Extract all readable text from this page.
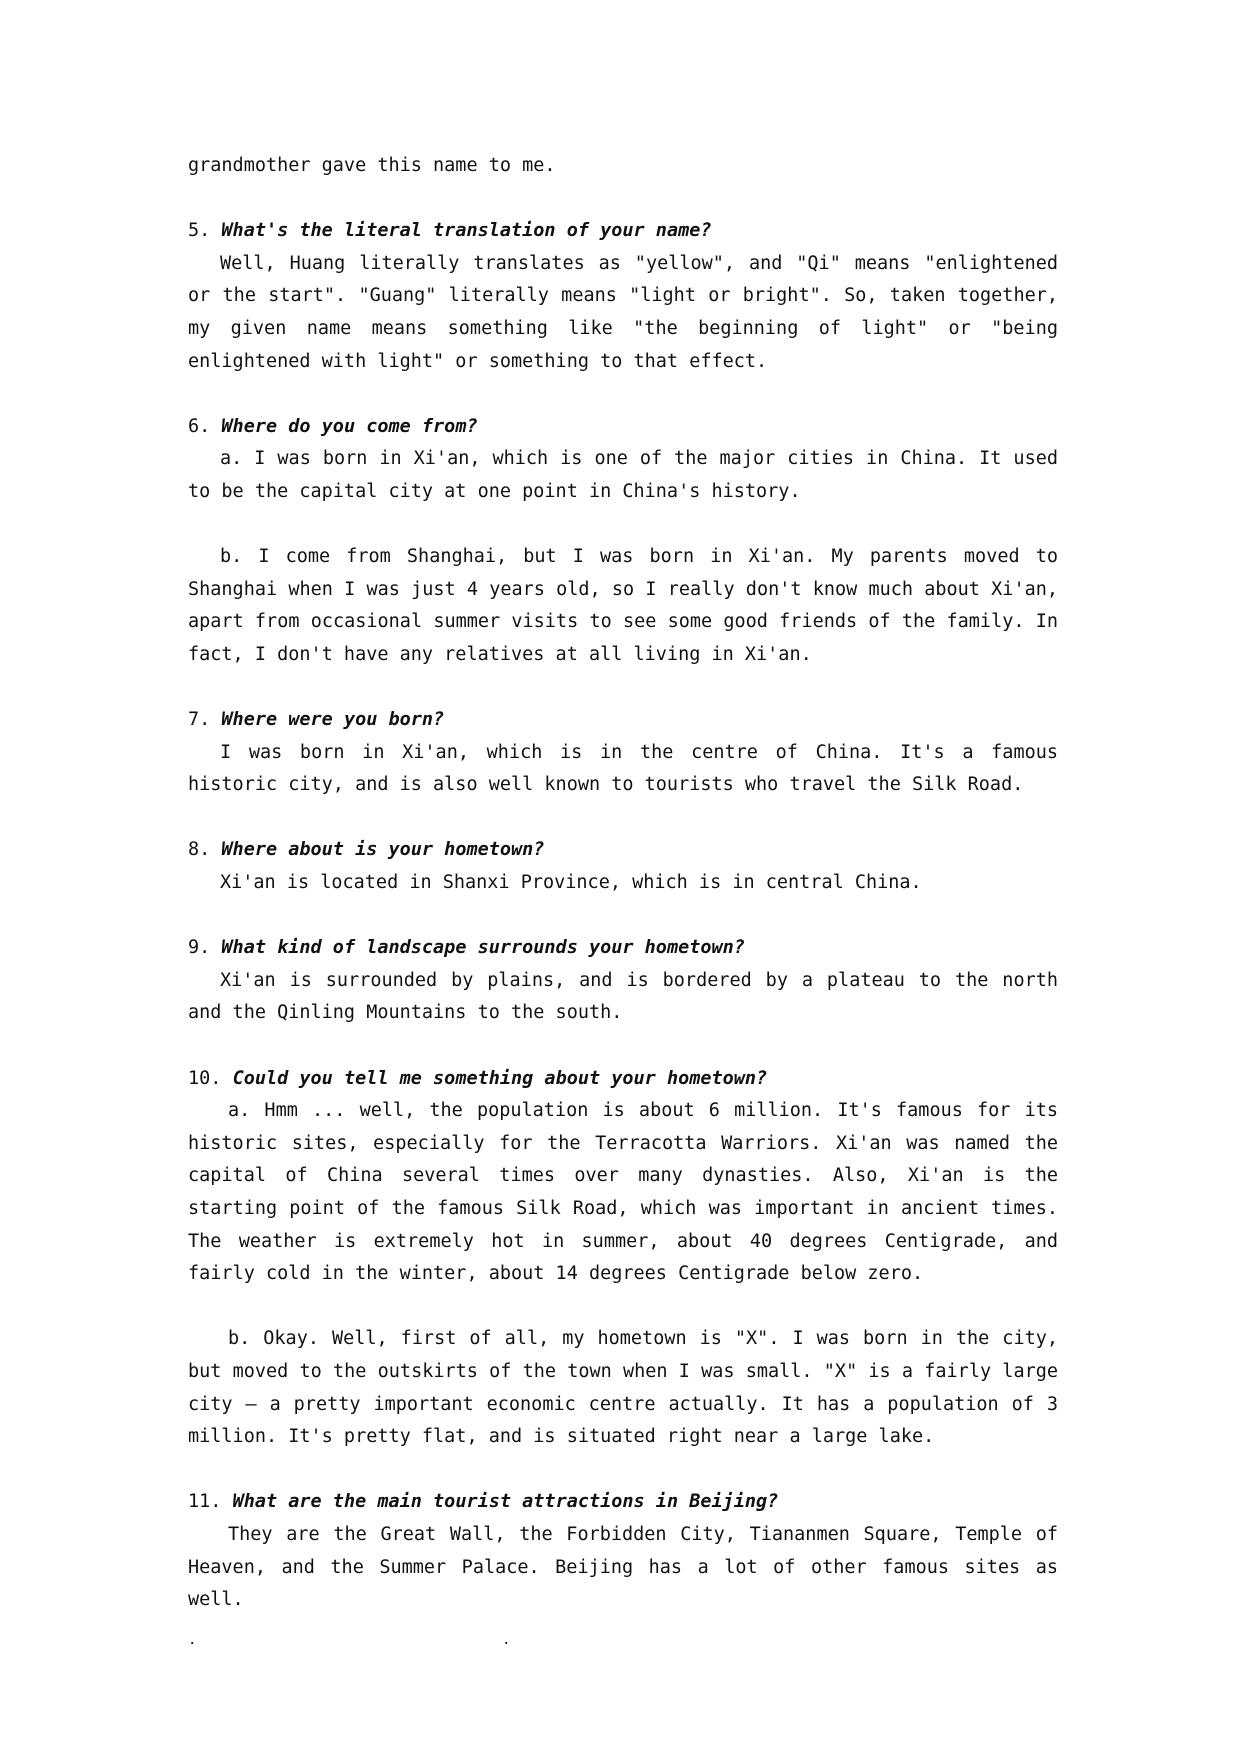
grandmother gave this name to me.

5. What's the literal translation of your name?

Well, Huang literally translates as "yellow", and "Qi" means "enlightened or the start". "Guang" literally means "light or bright". So, taken together, my given name means something like "the beginning of light" or "being enlightened with light" or something to that effect.

6. Where do you come from?

a. I was born in Xi'an, which is one of the major cities in China. It used to be the capital city at one point in China's history.

b. I come from Shanghai, but I was born in Xi'an. My parents moved to Shanghai when I was just 4 years old, so I really don't know much about Xi'an, apart from occasional summer visits to see some good friends of the family. In fact, I don't have any relatives at all living in Xi'an.

7. Where were you born?

I was born in Xi'an, which is in the centre of China. It's a famous historic city, and is also well known to tourists who travel the Silk Road.

8. Where about is your hometown?

Xi'an is located in Shanxi Province, which is in central China.

9. What kind of landscape surrounds your hometown?

Xi'an is surrounded by plains, and is bordered by a plateau to the north and the Qinling Mountains to the south.

10. Could you tell me something about your hometown?

a. Hmm ... well, the population is about 6 million. It's famous for its historic sites, especially for the Terracotta Warriors. Xi'an was named the capital of China several times over many dynasties. Also, Xi'an is the starting point of the famous Silk Road, which was important in ancient times. The weather is extremely hot in summer, about 40 degrees Centigrade, and fairly cold in the winter, about 14 degrees Centigrade below zero.

b. Okay. Well, first of all, my hometown is "X". I was born in the city, but moved to the outskirts of the town when I was small. "X" is a fairly large city — a pretty important economic centre actually. It has a population of 3 million. It's pretty flat, and is situated right near a large lake.

11. What are the main tourist attractions in Beijing?

They are the Great Wall, the Forbidden City, Tiananmen Square, Temple of Heaven, and the Summer Palace. Beijing has a lot of other famous sites as well.

.	.
